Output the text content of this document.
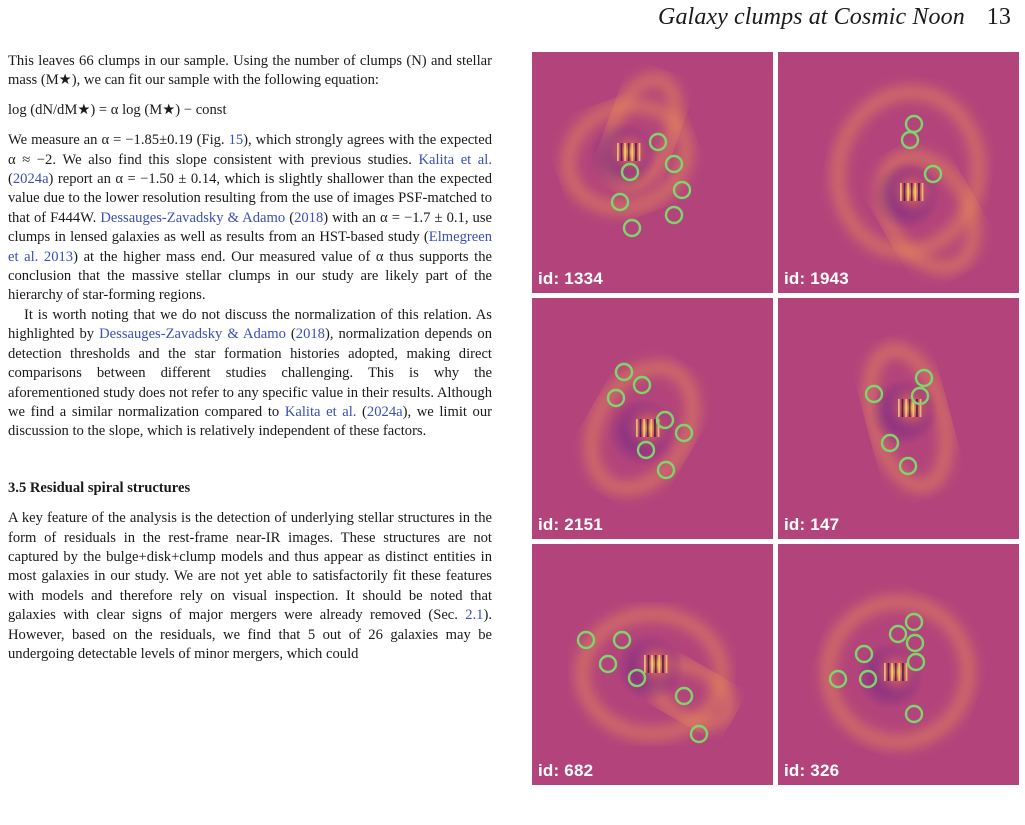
Galaxy clumps at Cosmic Noon 13

This leaves 66 clumps in our sample. Using the number of clumps (N) and stellar mass (M★), we can fit our sample with the following equation:

log (dN/dM★) = α log (M★) − const

We measure an α = −1.85±0.19 (Fig. 15), which strongly agrees with the expected α ≈ −2. We also find this slope consistent with previous studies. Kalita et al. (2024a) report an α = −1.50 ± 0.14, which is slightly shallower than the expected value due to the lower resolution resulting from the use of images PSF-matched to that of F444W. Dessauges-Zavadsky & Adamo (2018) with an α = −1.7 ± 0.1, use clumps in lensed galaxies as well as results from an HST-based study (Elmegreen et al. 2013) at the higher mass end. Our measured value of α thus supports the conclusion that the massive stellar clumps in our study are likely part of the hierarchy of star-forming regions.

It is worth noting that we do not discuss the normalization of this relation. As highlighted by Dessauges-Zavadsky & Adamo (2018), normalization depends on detection thresholds and the star formation histories adopted, making direct comparisons between different studies challenging. This is why the aforementioned study does not refer to any specific value in their results. Although we find a similar normalization compared to Kalita et al. (2024a), we limit our discussion to the slope, which is relatively independent of these factors.

3.5 Residual spiral structures

A key feature of the analysis is the detection of underlying stellar structures in the form of residuals in the rest-frame near-IR images. These structures are not captured by the bulge+disk+clump models and thus appear as distinct entities in most galaxies in our study. We are not yet able to satisfactorily fit these features with models and therefore rely on visual inspection. It should be noted that galaxies with clear signs of major mergers were already removed (Sec. 2.1). However, based on the residuals, we find that 5 out of 26 galaxies may be undergoing detectable levels of minor mergers, which could

id: 1334	id: 1943
id: 2151	id: 147
id: 682	id: 326
